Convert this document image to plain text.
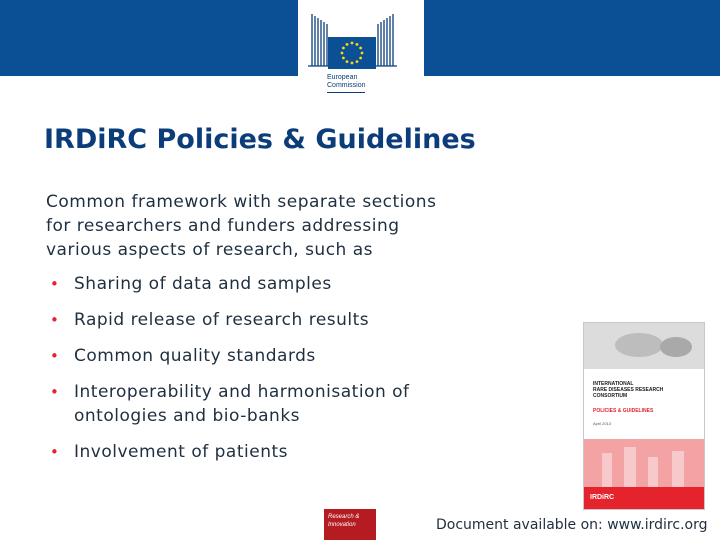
European
Commission
IRDiRC Policies & Guidelines
Common framework with separate sections
for researchers and funders addressing
various aspects of research, such as
• Sharing of data and samples
• Rapid release of research results
• Common quality standards
• Interoperability and harmonisation of
ontologies and bio-banks
• Involvement of patients
INTERNATIONAL
RARE DISEASES RESEARCH
CONSORTIUM
POLICIES & GUIDELINES
April 2013
IRDiRC
Research &
Innovation	Document available on: www.irdirc.org
